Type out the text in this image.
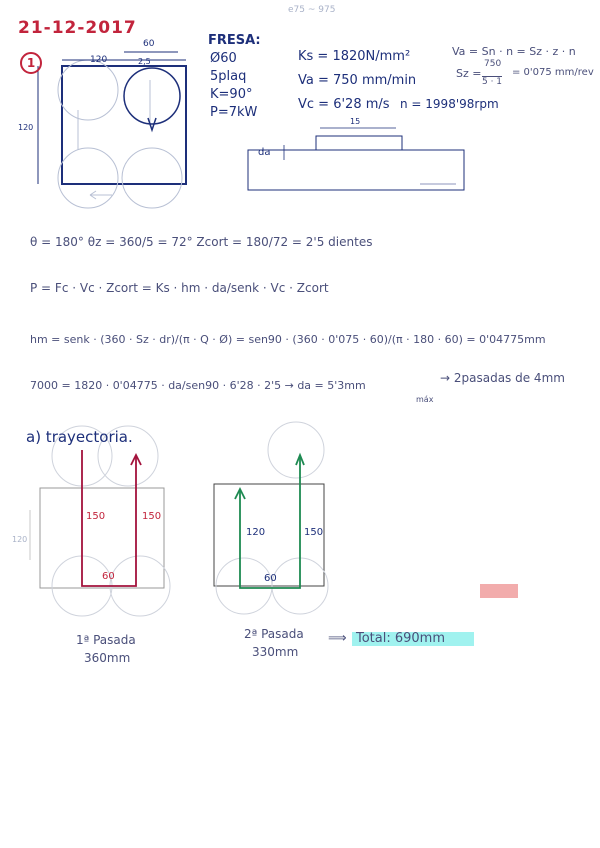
21-12-2017
e75 ~ 975
1	120
60
2,5
120
FRESA:
Ø60
5plaq
K=90°
P=7kW
Ks = 1820N/mm²
Va = 750 mm/min
Vc = 6'28 m/s n = 1998'98rpm
Va = Sn · n = Sz · z · n
Sz =
750
5 · 1
= 0'075 mm/rev
da
15
θ = 180° θz = 360/5 = 72° Zcort = 180/72 = 2'5 dientes
P = Fc · Vc · Zcort = Ks · hm · da/senk · Vc · Zcort
hm = senk · (360 · Sz · dr)/(π · Q · Ø) = sen90 · (360 · 0'075 · 60)/(π · 180 · 60) = 0'04775mm
7000 = 1820 · 0'04775 · da/sen90 · 6'28 · 2'5 → da = 5'3mm
máx
→ 2pasadas de 4mm
a) trayectoria.
150	150
60
120
1ª Pasada
360mm
120	150
60
2ª Pasada
330mm
⟹ Total: 690mm
